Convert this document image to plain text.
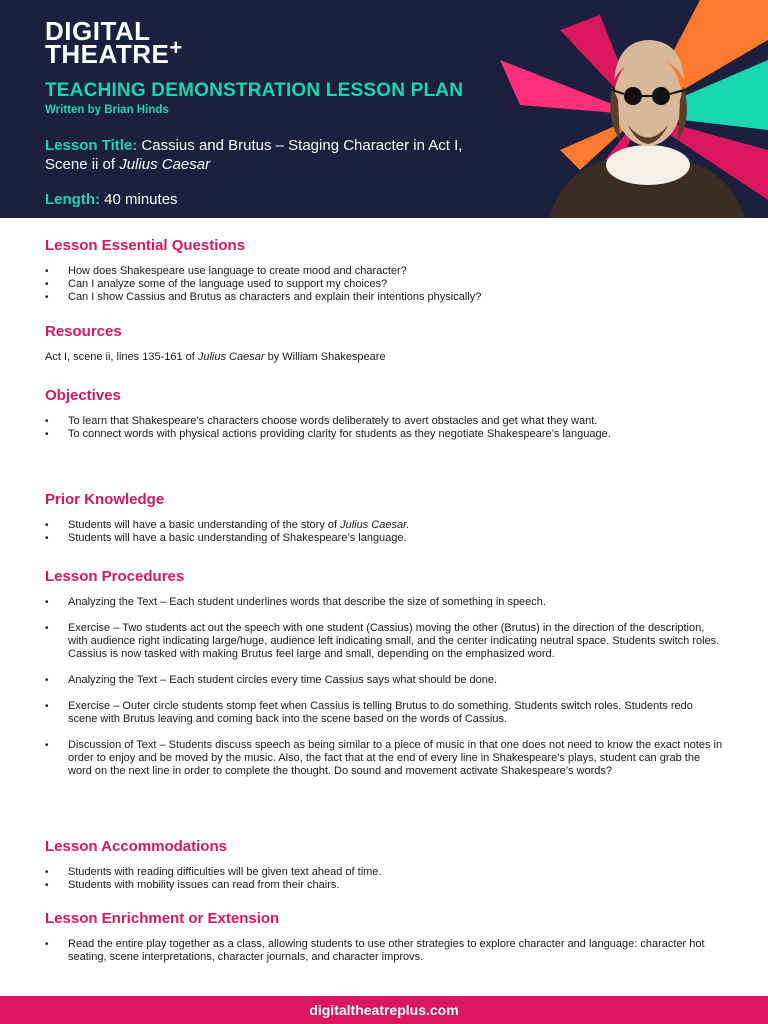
DIGITAL
THEATRE+
TEACHING DEMONSTRATION LESSON PLAN
Written by Brian Hinds
Lesson Title: Cassius and Brutus – Staging Character in Act I, Scene ii of Julius Caesar
Length: 40 minutes
Lesson Essential Questions
• How does Shakespeare use language to create mood and character?
• Can I analyze some of the language used to support my choices?
• Can I show Cassius and Brutus as characters and explain their intentions physically?
Resources

Act I, scene ii, lines 135-161 of Julius Caesar by William Shakespeare

Objectives
• To learn that Shakespeare’s characters choose words deliberately to avert obstacles and get what they want.
• To connect words with physical actions providing clarity for students as they negotiate Shakespeare’s language.
Prior Knowledge
• Students will have a basic understanding of the story of Julius Caesar.
• Students will have a basic understanding of Shakespeare’s language.
Lesson Procedures
• Analyzing the Text – Each student underlines words that describe the size of something in speech.
• Exercise – Two students act out the speech with one student (Cassius) moving the other (Brutus) in the direction of the description, with audience right indicating large/huge, audience left indicating small, and the center indicating neutral space. Students switch roles. Cassius is now tasked with making Brutus feel large and small, depending on the emphasized word.
• Analyzing the Text – Each student circles every time Cassius says what should be done.
• Exercise – Outer circle students stomp feet when Cassius is telling Brutus to do something. Students switch roles. Students redo scene with Brutus leaving and coming back into the scene based on the words of Cassius.
• Discussion of Text – Students discuss speech as being similar to a piece of music in that one does not need to know the exact notes in order to enjoy and be moved by the music. Also, the fact that at the end of every line in Shakespeare’s plays, student can grab the word on the next line in order to complete the thought. Do sound and movement activate Shakespeare’s words?
Lesson Accommodations
• Students with reading difficulties will be given text ahead of time.
• Students with mobility issues can read from their chairs.
Lesson Enrichment or Extension
• Read the entire play together as a class, allowing students to use other strategies to explore character and language: character hot seating, scene interpretations, character journals, and character improvs.
digitaltheatreplus.com
